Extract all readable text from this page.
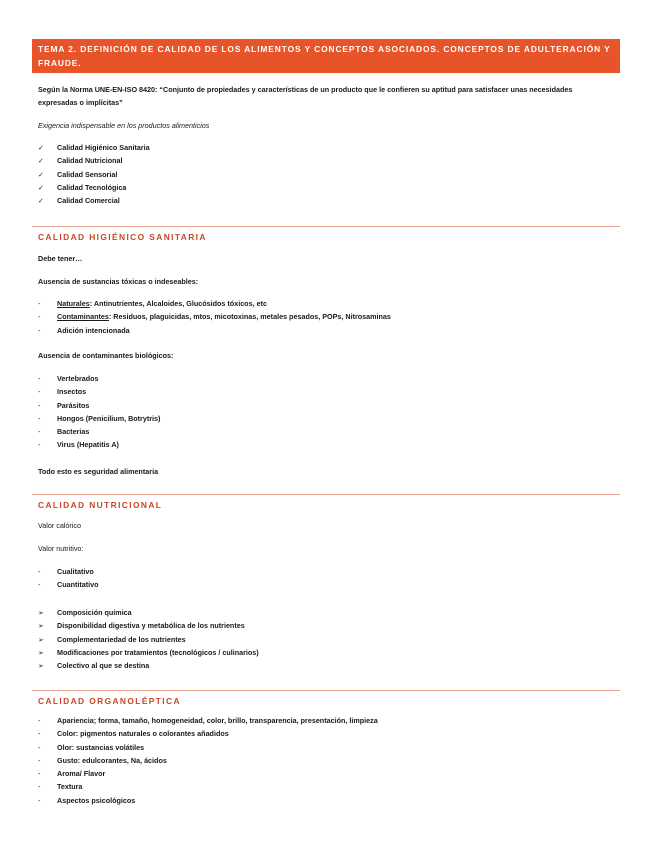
TEMA 2. DEFINICIÓN DE CALIDAD DE LOS ALIMENTOS Y CONCEPTOS ASOCIADOS. CONCEPTOS DE ADULTERACIÓN Y FRAUDE.
Según la Norma UNE-EN-ISO 8420: “Conjunto de propiedades y características de un producto que le confieren su aptitud para satisfacer unas necesidades expresadas o implícitas”
Exigencia indispensable en los productos alimenticios
✓ Calidad Higiénico Sanitaria
✓ Calidad Nutricional
✓ Calidad Sensorial
✓ Calidad Tecnológica
✓ Calidad Comercial
CALIDAD HIGIÉNICO SANITARIA
Debe tener…
Ausencia de sustancias tóxicas o indeseables:
- Naturales: Antinutrientes, Alcaloides, Glucósidos tóxicos, etc
- Contaminantes: Residuos, plaguicidas, mtos, micotoxinas, metales pesados, POPs, Nitrosaminas
- Adición intencionada
Ausencia de contaminantes biológicos:
- Vertebrados
- Insectos
- Parásitos
- Hongos (Penicilium, Botrytris)
- Bacterias
- Virus (Hepatitis A)
Todo esto es seguridad alimentaria
CALIDAD NUTRICIONAL
Valor calórico
Valor nutritivo:
- Cualitativo
- Cuantitativo
➢ Composición química
➢ Disponibilidad digestiva y metabólica de los nutrientes
➢ Complementariedad de los nutrientes
➢ Modificaciones por tratamientos (tecnológicos / culinarios)
➢ Colectivo al que se destina
CALIDAD ORGANOLÉPTICA
- Apariencia; forma, tamaño, homogeneidad, color, brillo, transparencia, presentación, limpieza
- Color: pigmentos naturales o colorantes añadidos
- Olor: sustancias volátiles
- Gusto: edulcorantes, Na, ácidos
- Aroma/ Flavor
- Textura
- Aspectos psicológicos
